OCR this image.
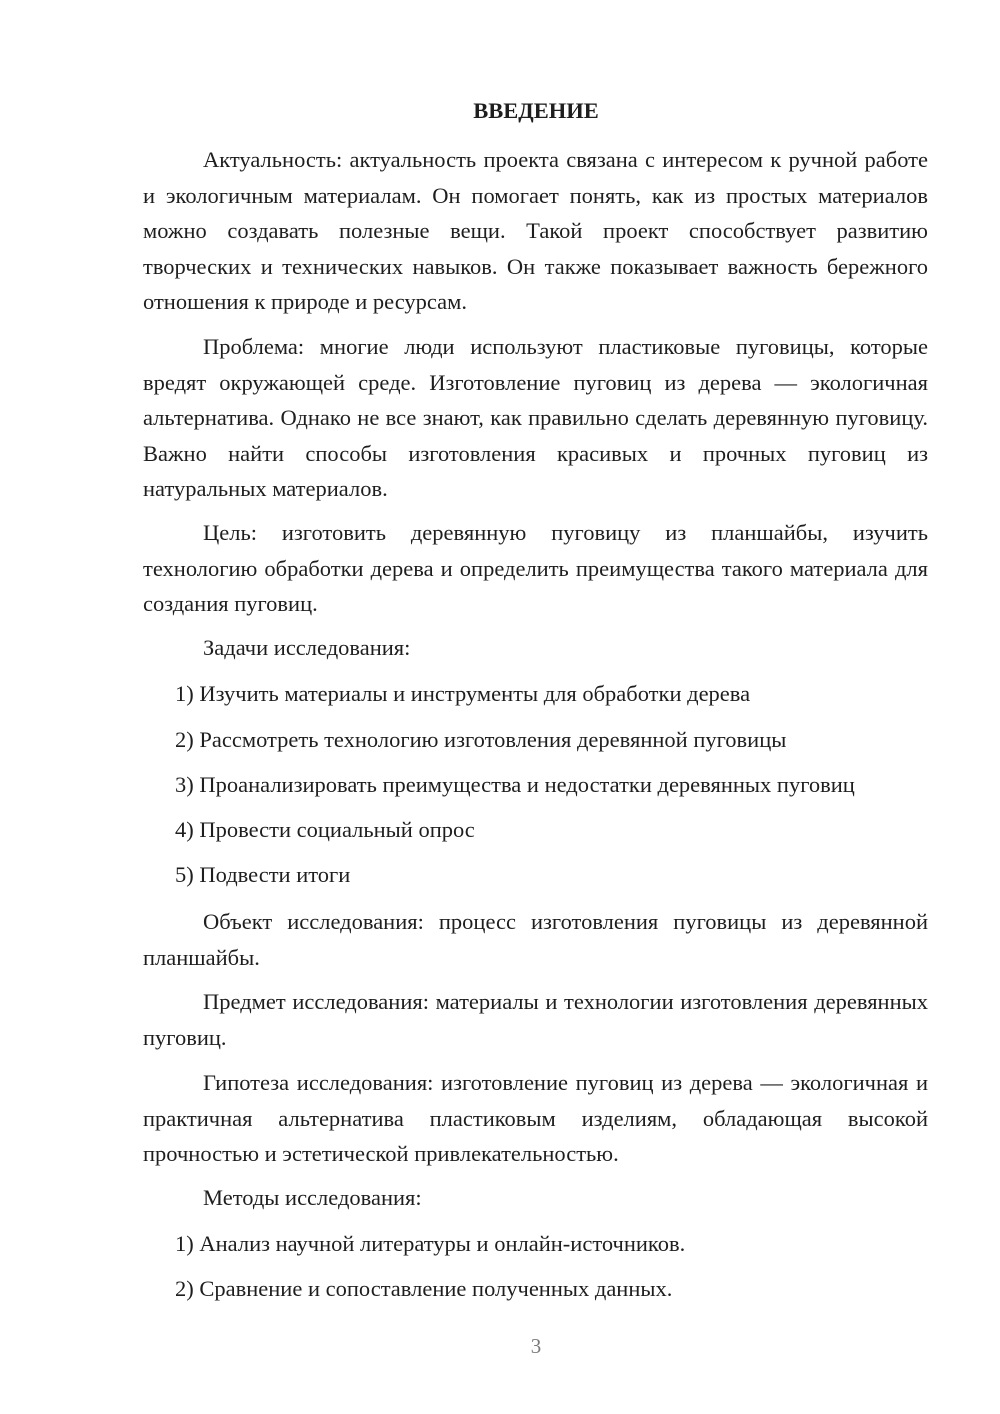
ВВЕДЕНИЕ

Актуальность: актуальность проекта связана с интересом к ручной работе и экологичным материалам. Он помогает понять, как из простых материалов можно создавать полезные вещи. Такой проект способствует развитию творческих и технических навыков. Он также показывает важность бережного отношения к природе и ресурсам.

Проблема: многие люди используют пластиковые пуговицы, которые вредят окружающей среде. Изготовление пуговиц из дерева — экологичная альтернатива. Однако не все знают, как правильно сделать деревянную пуговицу. Важно найти способы изготовления красивых и прочных пуговиц из натуральных материалов.

Цель: изготовить деревянную пуговицу из планшайбы, изучить технологию обработки дерева и определить преимущества такого материала для создания пуговиц.

Задачи исследования:

1) Изучить материалы и инструменты для обработки дерева

2) Рассмотреть технологию изготовления деревянной пуговицы

3) Проанализировать преимущества и недостатки деревянных пуговиц

4) Провести социальный опрос

5) Подвести итоги

Объект исследования: процесс изготовления пуговицы из деревянной планшайбы.

Предмет исследования: материалы и технологии изготовления деревянных пуговиц.

Гипотеза исследования: изготовление пуговиц из дерева — экологичная и практичная альтернатива пластиковым изделиям, обладающая высокой прочностью и эстетической привлекательностью.

Методы исследования:

1) Анализ научной литературы и онлайн-источников.

2) Сравнение и сопоставление полученных данных.

3
